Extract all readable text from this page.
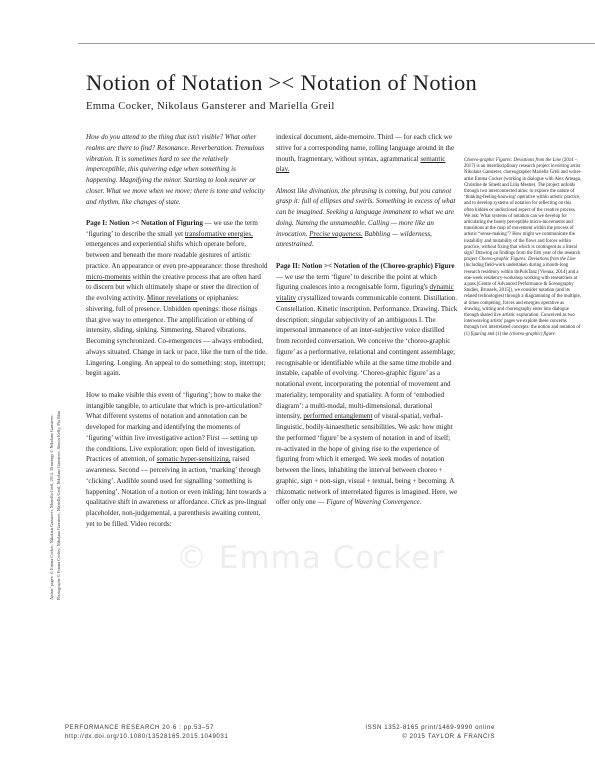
Notion of Notation >< Notation of Notion
Emma Cocker, Nikolaus Gansterer and Mariella Greil

How do you attend to the thing that isn't visible? What other realms are there to find? Resonance. Reverberation. Tremulous vibration. It is sometimes hard to see the relatively imperceptible, this quivering edge when something is happening. Magnifying the minor. Starting to look nearer or closer. What we move when we move; there is tone and velocity and rhythm, like changes of state.

Page I: Notion >< Notation of Figuring — we use the term ‘figuring’ to describe the small yet transformative energies, emergences and experiential shifts which operate before, between and beneath the more readable gestures of artistic practice. An appearance or even pre-appearance: those threshold micro-moments within the creative process that are often hard to discern but which ultimately shape or steer the direction of the evolving activity. Minor revelations or epiphanies: shivering, full of presence. Unbidden openings: those risings that give way to emergence. The amplification or ebbing of intensity, sliding, sinking. Simmering. Shared vibrations. Becoming synchronized. Co-emergences — always embodied, always situated. Change in tack or pace, like the turn of the tide. Lingering. Longing. An appeal to do something: stop, interrupt; begin again.

How to make visible this event of ‘figuring’; how to make the intangible tangible, to articulate that which is pre-articulation? What different systems of notation and annotation can be developed for marking and identifying the moments of ‘figuring’ within live investigative action? First — setting up the conditions. Live exploration: open field of investigation. Practices of attention, of somatic hyper-sensitizing, raised awareness. Second — perceiving in action, ‘marking’ through ‘clicking’. Audible sound used for signalling ‘something is happening’. Notation of a notion or even inkling; hint towards a qualitative shift in awareness or affordance. Click as pre-lingual placeholder, non-judgemental, a parenthesis awaiting content, yet to be filled. Video records:

indexical document, aide-memoire. Third — for each click we strive for a corresponding name, rolling language around in the mouth, fragmentary, without syntax, agrammatical semantic play.

Almost like divination, the phrasing is coming, but you cannot grasp it: full of ellipses and swirls. Something in excess of what can be imagined. Seeking a language immanent to what we are doing. Naming the unnameable. Calling — more like an invocation. Precise vagueness. Babbling — wilderness, unrestrained.

Page II: Notion >< Notation of the (Choreo-graphic) Figure — we use the term ‘figure’ to describe the point at which figuring coalesces into a recognisable form, figuring's dynamic vitality crystallized towards communicable content. Distillation. Constellation. Kinetic inscription. Performance. Drawing. Thick description: singular subjectivity of an ambiguous I. The impersonal immanence of an inter-subjective voice distilled from recorded conversation. We conceive the ‘choreo-graphic figure’ as a performative, relational and contingent assemblage; recognisable or identifiable while at the same time mobile and instable, capable of evolving. ‘Choreo-graphic figure’ as a notational event, incorporating the potential of movement and materiality, temporality and spatiality. A form of ‘embodied diagram’: a multi-modal, multi-dimensional, durational intensity, performed entanglement of visual-spatial, verbal-linguistic, bodily-kinaesthetic sensibilities. We ask: how might the performed ‘figure’ be a system of notation in and of itself; re-activated in the hope of giving rise to the experience of figuring from which it emerged. We seek modes of notation between the lines, inhabiting the interval between choreo + graphic, sign + non-sign, visual + textual, being + becoming. A rhizomatic network of interrelated figures is imagined. Here, we offer only one — Figure of Wavering Convergence.

Choreo-graphic Figures: Deviations from the Line (2014 – 2017) is an interdisciplinary research project involving artist Nikolaus Gansterer, choreographer Mariella Greil and writer-artist Emma Cocker (working in dialogue with Alex Arteaga, Christine de Smedt and Lilia Mestre). The project unfolds through two interconnected aims: to explore the nature of ‘thinking-feeling-knowing’ operative within artistic practice, and to develop systems of notation for reflecting on this often hidden or undisclosed aspect of the creative process. We ask: What systems of notation can we develop for articulating the barely perceptible micro-movements and transitions at the cusp of movement within the process of artistic “sense-making”? How might we communicate the instability and mutability of the flows and forces within practice, without fixing that which is contingent as a literal sign? Drawing on findings from the first year of the research project Choreo-graphic Figures: Deviations from the Line (including field-work undertaken during a month-long research residency within ImPulsTanz [Vienna, 2014] and a one-week residency-workshop working with researchers at a.pass [Centre of Advanced Performance & Scenography Studies, Brussels, 2015]), we consider notation (and its related technologies) through a diagramming of the multiple, at times competing, forces and energies operative as drawing, writing and choreography enter into dialogue through shared live artistic exploration. Conceived as two interweaving artists’ pages we explore these concerns through two interrelated concepts: the notion and notation of (1) figuring and (1) the (choreo-graphic) figure.

Artists’ pages: © Emma Cocker, Nikolaus Gansterer, Mariella Greil, 2015. Drawings © Nikolaus Gansterer. Photographs © Emma Cocker, Nikolaus Gansterer, Mariella Greil, Nikolaus Gansterer, Simon Kelly, Pia Blau	© Emma Cocker
PERFORMANCE RESEARCH 20·6 : pp.53–57
http://dx.doi.org/10.1080/13528165.2015.1049031
ISSN 1352-8165 print/1469-9990 online
© 2015 TAYLOR & FRANCIS
